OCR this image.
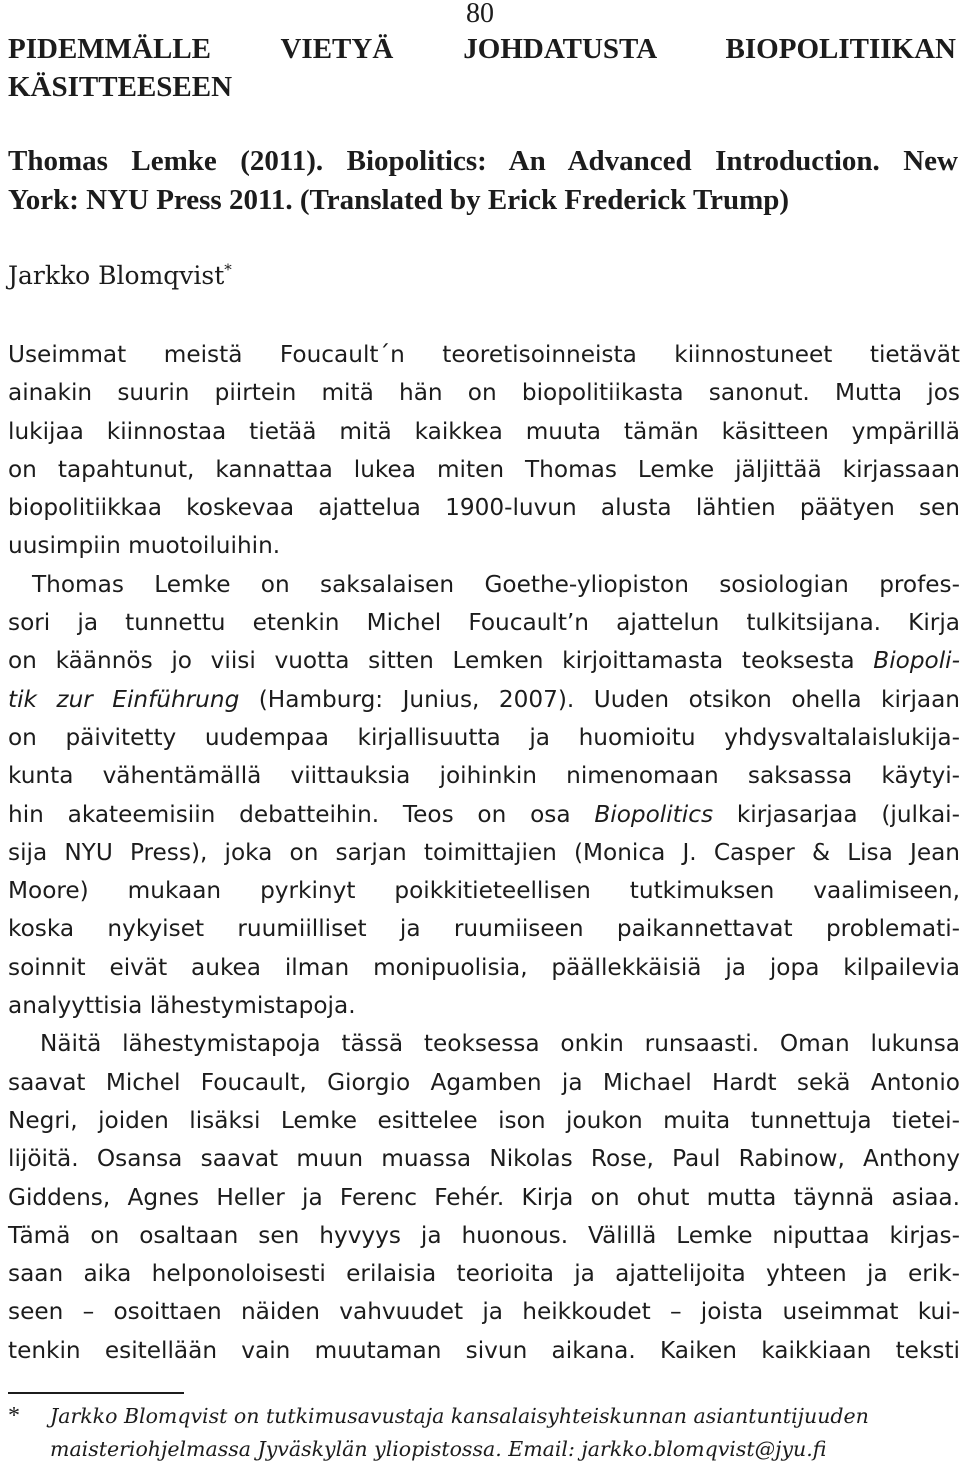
80
PIDEMMÄLLE VIETYÄ JOHDATUSTA BIOPOLITIIKAN
KÄSITTEESEEN
Thomas Lemke (2011). Biopolitics: An Advanced Introduction. New
York: NYU Press 2011. (Translated by Erick Frederick Trump)
Jarkko Blomqvist*

Useimmat meistä Foucault´n teoretisoinneista kiinnostuneet tietävät
ainakin suurin piirtein mitä hän on biopolitiikasta sanonut. Mutta jos
lukijaa kiinnostaa tietää mitä kaikkea muuta tämän käsitteen ympärillä
on tapahtunut, kannattaa lukea miten Thomas Lemke jäljittää kirjassaan
biopolitiikkaa koskevaa ajattelua 1900-luvun alusta lähtien päätyen sen
uusimpiin muotoiluihin.

Thomas Lemke on saksalaisen Goethe-yliopiston sosiologian profes-
sori ja tunnettu etenkin Michel Foucault’n ajattelun tulkitsijana. Kirja
on käännös jo viisi vuotta sitten Lemken kirjoittamasta teoksesta Biopoli-
tik zur Einführung (Hamburg: Junius, 2007). Uuden otsikon ohella kirjaan
on päivitetty uudempaa kirjallisuutta ja huomioitu yhdysvaltalaislukija-
kunta vähentämällä viittauksia joihinkin nimenomaan saksassa käytyi-
hin akateemisiin debatteihin. Teos on osa Biopolitics kirjasarjaa (julkai-
sija NYU Press), joka on sarjan toimittajien (Monica J. Casper & Lisa Jean
Moore) mukaan pyrkinyt poikkitieteellisen tutkimuksen vaalimiseen,
koska nykyiset ruumiilliset ja ruumiiseen paikannettavat problemati-
soinnit eivät aukea ilman monipuolisia, päällekkäisiä ja jopa kilpailevia
analyyttisia lähestymistapoja.

Näitä lähestymistapoja tässä teoksessa onkin runsaasti. Oman lukunsa
saavat Michel Foucault, Giorgio Agamben ja Michael Hardt sekä Antonio
Negri, joiden lisäksi Lemke esittelee ison joukon muita tunnettuja tietei-
lijöitä. Osansa saavat muun muassa Nikolas Rose, Paul Rabinow, Anthony
Giddens, Agnes Heller ja Ferenc Fehér. Kirja on ohut mutta täynnä asiaa.
Tämä on osaltaan sen hyvyys ja huonous. Välillä Lemke niputtaa kirjas-
saan aika helponoloisesti erilaisia teorioita ja ajattelijoita yhteen ja erik-
seen – osoittaen näiden vahvuudet ja heikkoudet – joista useimmat kui-
tenkin esitellään vain muutaman sivun aikana. Kaiken kaikkiaan teksti

*	Jarkko Blomqvist on tutkimusavustaja kansalaisyhteiskunnan asiantuntijuuden
maisteriohjelmassa Jyväskylän yliopistossa. Email: jarkko.blomqvist@jyu.fi
